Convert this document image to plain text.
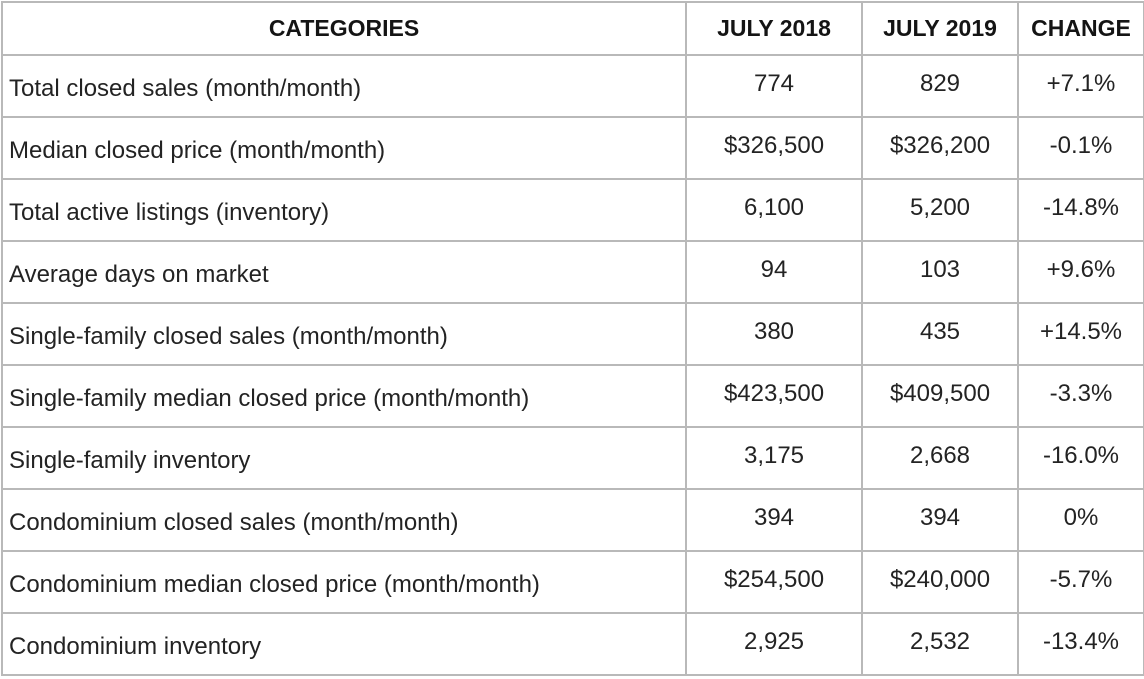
CATEGORIES	JULY 2018	JULY 2019	CHANGE
Total closed sales (month/month)	774	829	+7.1%
Median closed price (month/month)	$326,500	$326,200	-0.1%
Total active listings (inventory)	6,100	5,200	-14.8%
Average days on market	94	103	+9.6%
Single-family closed sales (month/month)	380	435	+14.5%
Single-family median closed price (month/month)	$423,500	$409,500	-3.3%
Single-family inventory	3,175	2,668	-16.0%
Condominium closed sales (month/month)	394	394	0%
Condominium median closed price (month/month)	$254,500	$240,000	-5.7%
Condominium inventory	2,925	2,532	-13.4%
